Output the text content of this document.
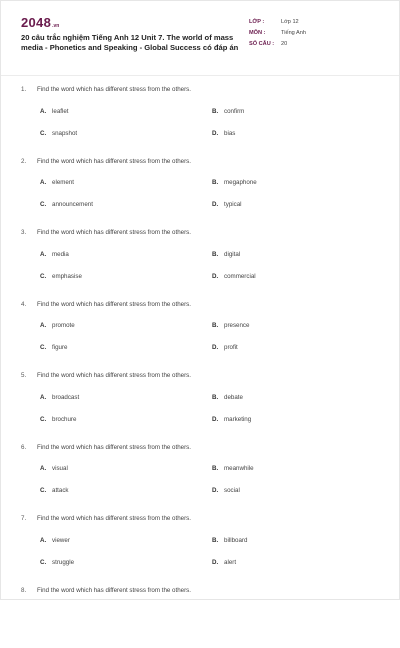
2048 .vn
20 câu trắc nghiệm Tiếng Anh 12 Unit 7. The world of mass media - Phonetics and Speaking - Global Success có đáp án
LỚP :	Lớp 12
MÔN :	Tiếng Anh
SỐ CÂU :	20
1.	Find the word which has different stress from the others.
A. leaflet	B. confirm
C. snapshot	D. bias
2.	Find the word which has different stress from the others.
A. element	B. megaphone
C. announcement	D. typical
3.	Find the word which has different stress from the others.
A. media	B. digital
C. emphasise	D. commercial
4.	Find the word which has different stress from the others.
A. promote	B. presence
C. figure	D. profit
5.	Find the word which has different stress from the others.
A. broadcast	B. debate
C. brochure	D. marketing
6.	Find the word which has different stress from the others.
A. visual	B. meanwhile
C. attack	D. social
7.	Find the word which has different stress from the others.
A. viewer	B. billboard
C. struggle	D. alert
8.	Find the word which has different stress from the others.
